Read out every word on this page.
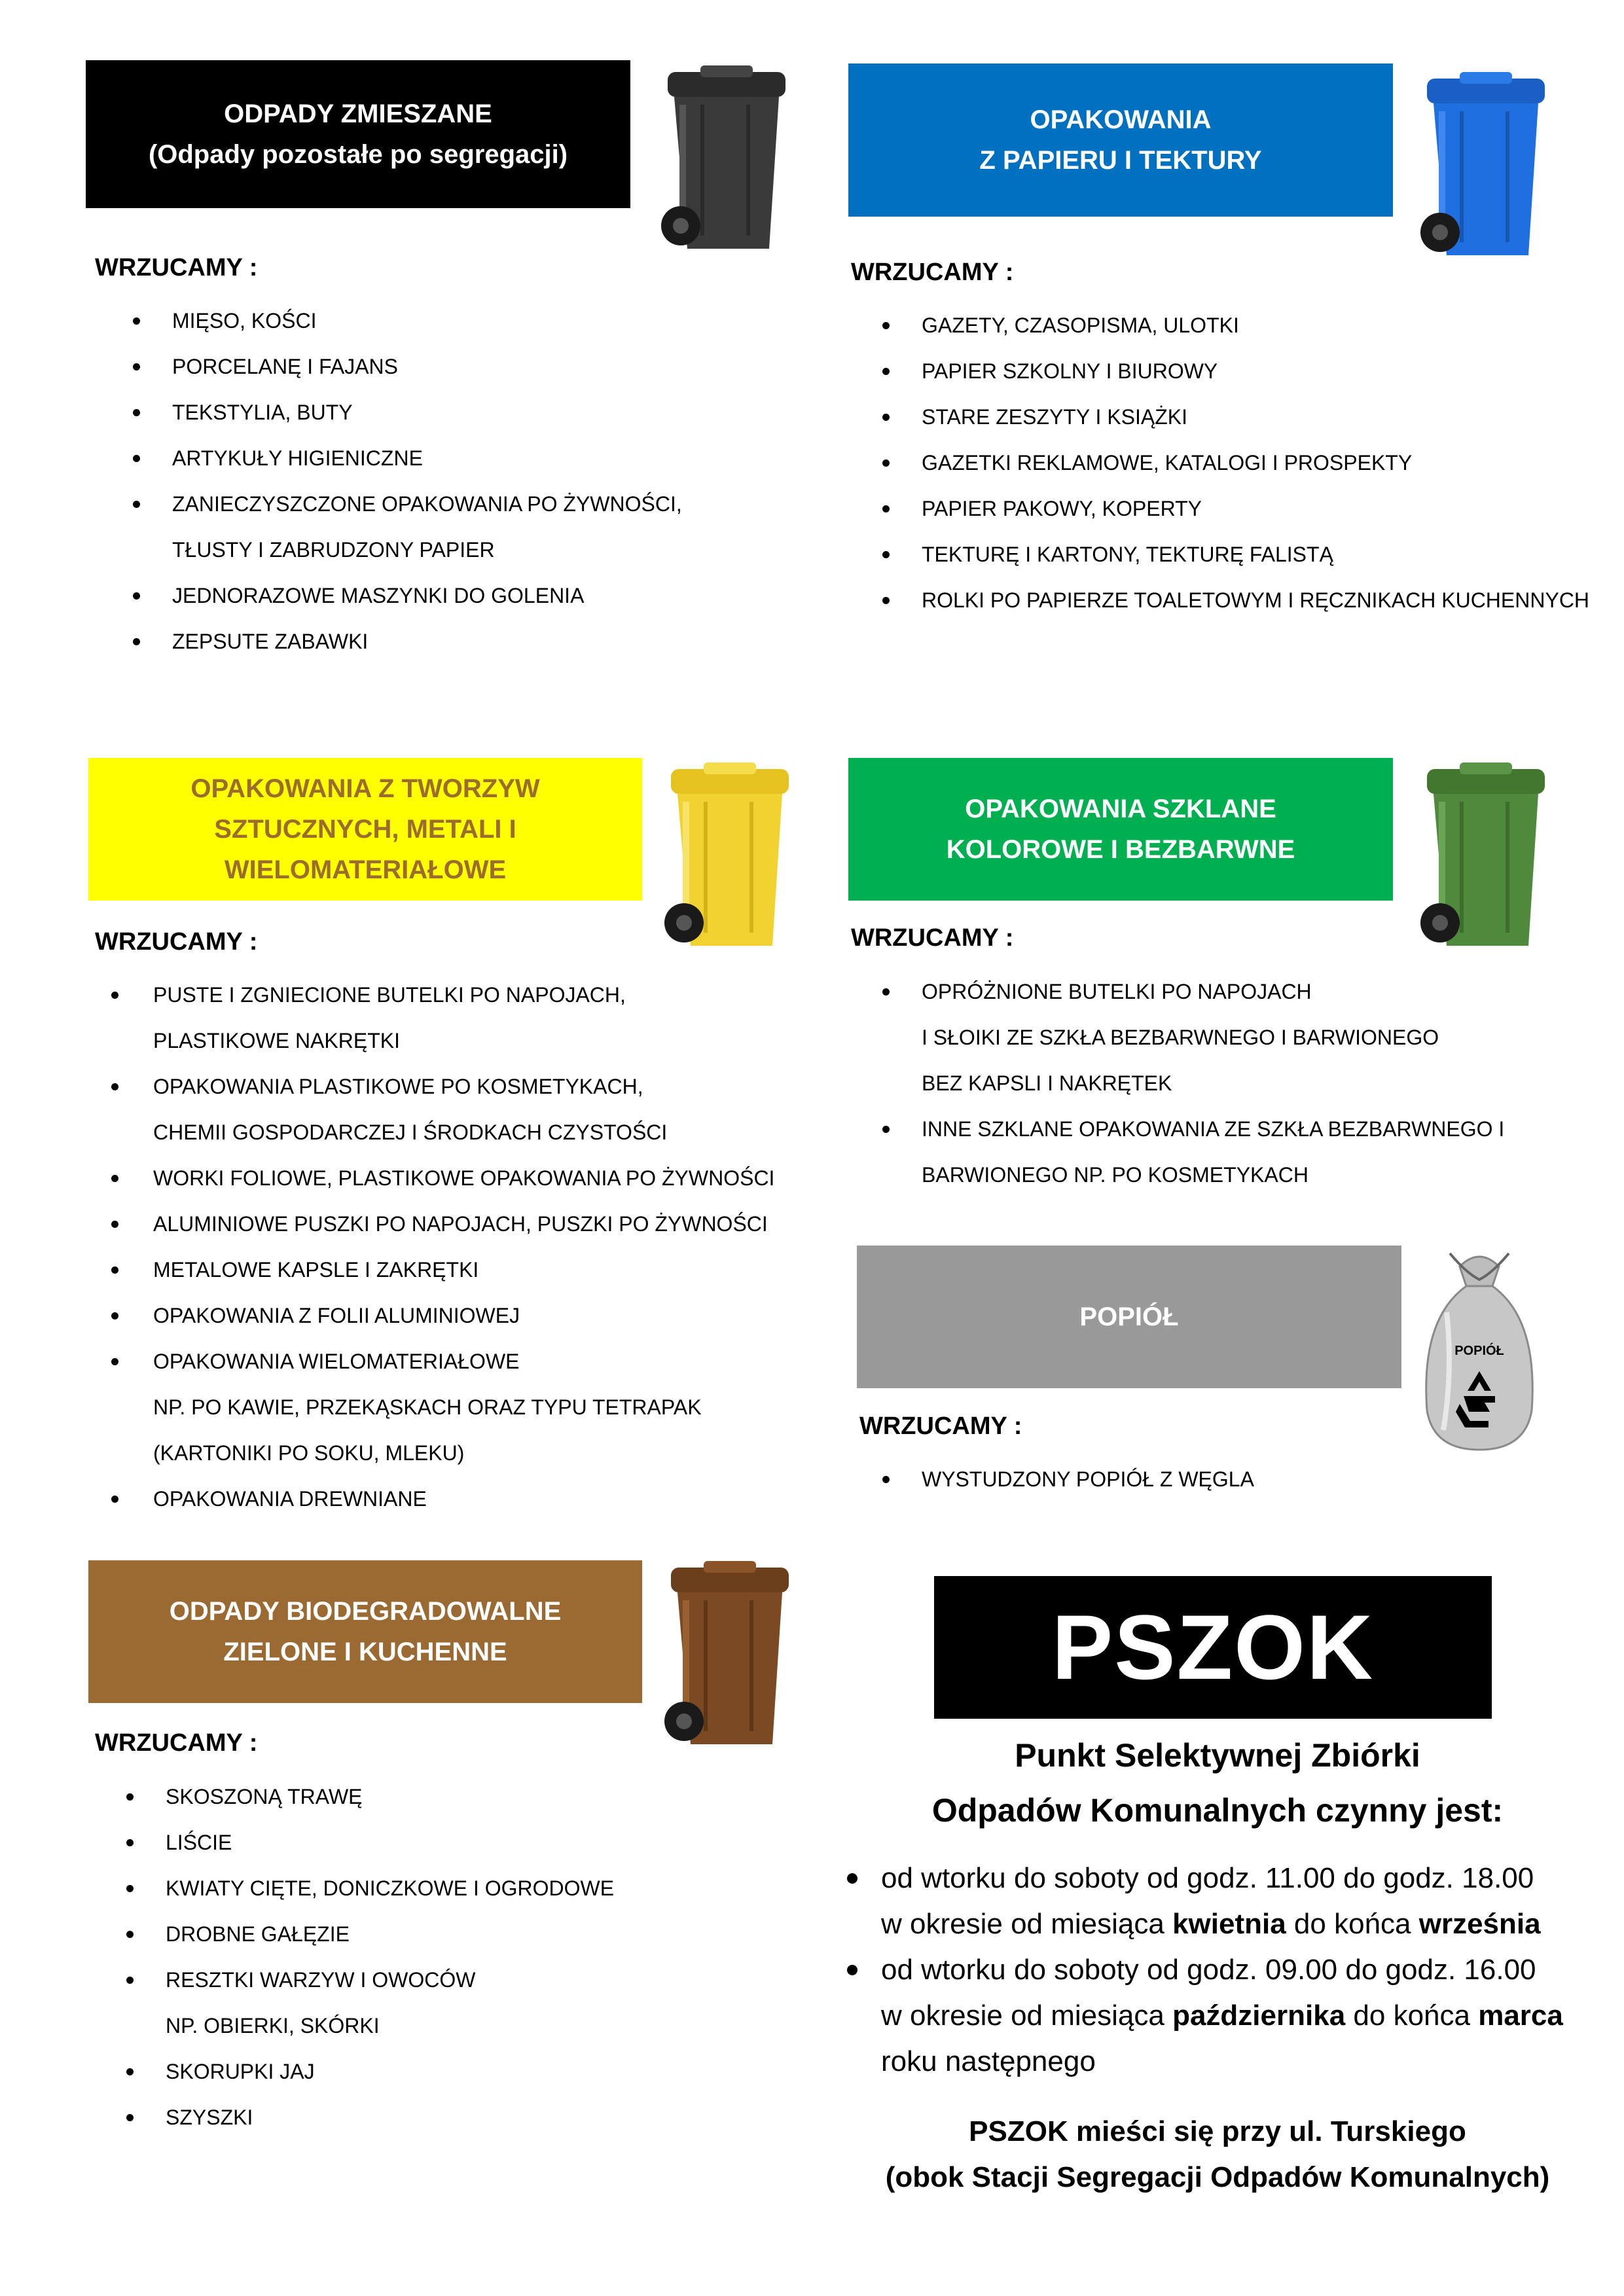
ODPADY ZMIESZANE
(Odpady pozostałe po segregacji)
OPAKOWANIA
Z PAPIERU I TEKTURY
OPAKOWANIA Z TWORZYW
SZTUCZNYCH, METALI I
WIELOMATERIAŁOWE
OPAKOWANIA SZKLANE
KOLOROWE I BEZBARWNE
POPIÓŁ
ODPADY BIODEGRADOWALNE
ZIELONE I KUCHENNE
POPIÓŁ
WRZUCAMY :	WRZUCAMY :
WRZUCAMY :	WRZUCAMY :
WRZUCAMY :
WRZUCAMY :
MIĘSO, KOŚCI
PORCELANĘ I FAJANS
TEKSTYLIA, BUTY
ARTYKUŁY HIGIENICZNE
ZANIECZYSZCZONE OPAKOWANIA PO ŻYWNOŚCI,
TŁUSTY I ZABRUDZONY PAPIER
JEDNORAZOWE MASZYNKI DO GOLENIA
ZEPSUTE ZABAWKI
GAZETY, CZASOPISMA, ULOTKI
PAPIER SZKOLNY I BIUROWY
STARE ZESZYTY I KSIĄŻKI
GAZETKI REKLAMOWE, KATALOGI I PROSPEKTY
PAPIER PAKOWY, KOPERTY
TEKTURĘ I KARTONY, TEKTURĘ FALISTĄ
ROLKI PO PAPIERZE TOALETOWYM I RĘCZNIKACH KUCHENNYCH
PUSTE I ZGNIECIONE BUTELKI PO NAPOJACH,
PLASTIKOWE NAKRĘTKI
OPAKOWANIA PLASTIKOWE PO KOSMETYKACH,
CHEMII GOSPODARCZEJ I ŚRODKACH CZYSTOŚCI
WORKI FOLIOWE, PLASTIKOWE OPAKOWANIA PO ŻYWNOŚCI
ALUMINIOWE PUSZKI PO NAPOJACH, PUSZKI PO ŻYWNOŚCI
METALOWE KAPSLE I ZAKRĘTKI
OPAKOWANIA Z FOLII ALUMINIOWEJ
OPAKOWANIA WIELOMATERIAŁOWE
NP. PO KAWIE, PRZEKĄSKACH ORAZ TYPU TETRAPAK
(KARTONIKI PO SOKU, MLEKU)
OPAKOWANIA DREWNIANE
OPRÓŻNIONE BUTELKI PO NAPOJACH
I SŁOIKI ZE SZKŁA BEZBARWNEGO I BARWIONEGO
BEZ KAPSLI I NAKRĘTEK
INNE SZKLANE OPAKOWANIA ZE SZKŁA BEZBARWNEGO I
BARWIONEGO NP. PO KOSMETYKACH
WYSTUDZONY POPIÓŁ Z WĘGLA
SKOSZONĄ TRAWĘ
LIŚCIE
KWIATY CIĘTE, DONICZKOWE I OGRODOWE
DROBNE GAŁĘZIE
RESZTKI WARZYW I OWOCÓW
NP. OBIERKI, SKÓRKI
SKORUPKI JAJ
SZYSZKI
PSZOK
Punkt Selektywnej Zbiórki
Odpadów Komunalnych czynny jest:
od wtorku do soboty od godz. 11.00 do godz. 18.00
w okresie od miesiąca kwietnia do końca września
od wtorku do soboty od godz. 09.00 do godz. 16.00
w okresie od miesiąca października do końca marca
roku następnego
PSZOK mieści się przy ul. Turskiego
(obok Stacji Segregacji Odpadów Komunalnych)
